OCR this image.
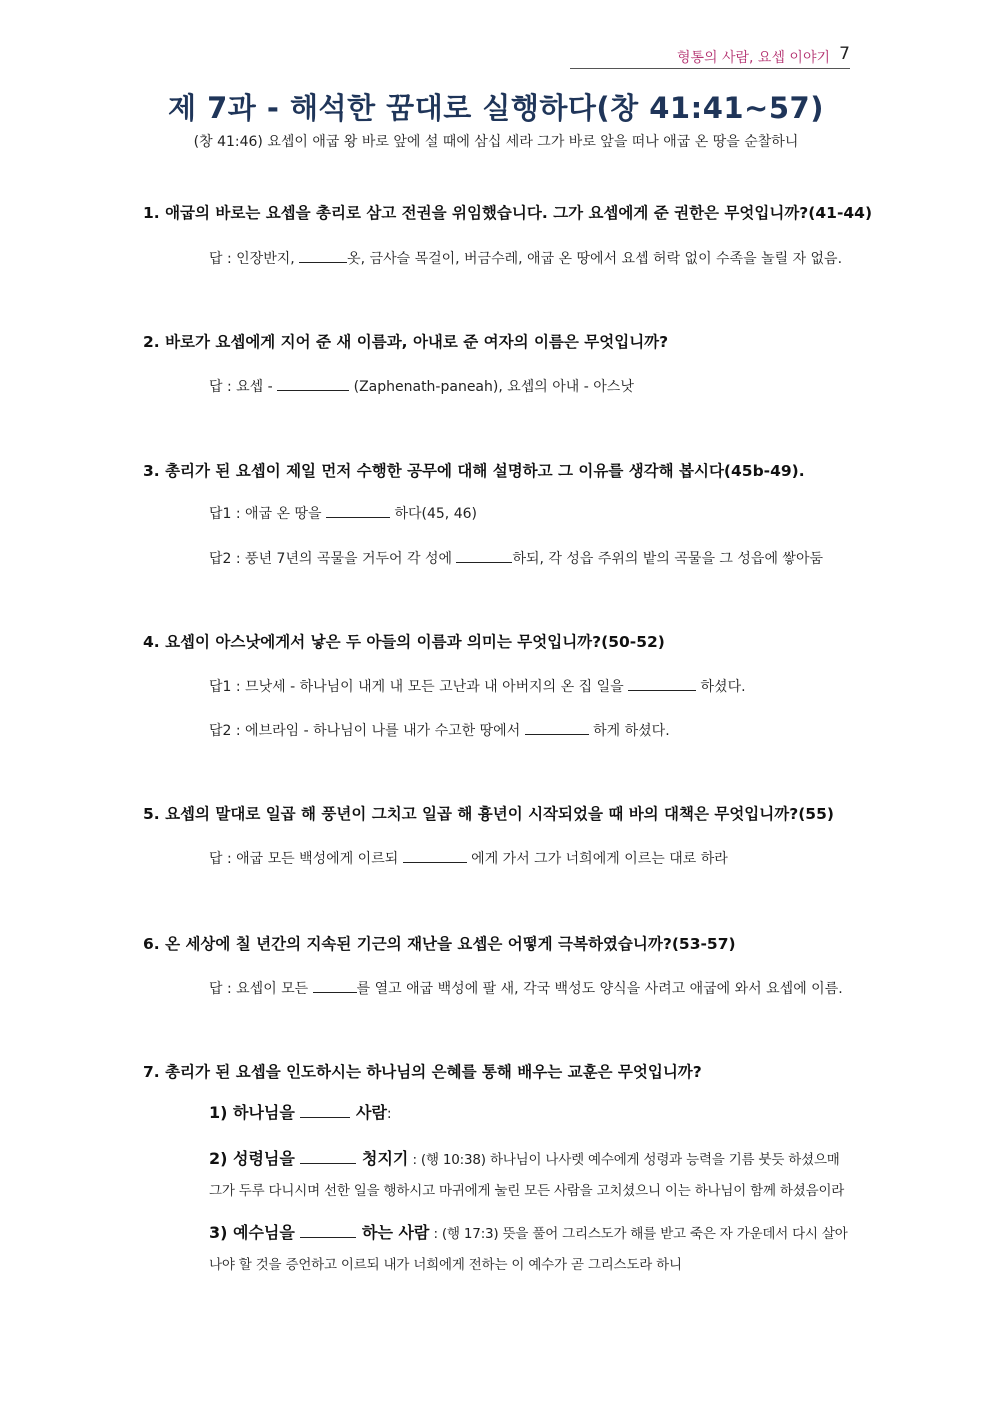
형통의 사람, 요셉 이야기 7
제 7과 - 해석한 꿈대로 실행하다(창 41:41~57)
(창 41:46) 요셉이 애굽 왕 바로 앞에 설 때에 삼십 세라 그가 바로 앞을 떠나 애굽 온 땅을 순찰하니
1. 애굽의 바로는 요셉을 총리로 삼고 전권을 위임했습니다. 그가 요셉에게 준 권한은 무엇입니까?(41-44)
답 : 인장반지,	옷, 금사슬 목걸이, 버금수레, 애굽 온 땅에서 요셉 허락 없이 수족을 놀릴 자 없음.
2. 바로가 요셉에게 지어 준 새 이름과, 아내로 준 여자의 이름은 무엇입니까?
답 : 요셉 -	(Zaphenath-paneah), 요셉의 아내 - 아스낫
3. 총리가 된 요셉이 제일 먼저 수행한 공무에 대해 설명하고 그 이유를 생각해 봅시다(45b-49).
답1 : 애굽 온 땅을	하다(45, 46)
답2 : 풍년 7년의 곡물을 거두어 각 성에	하되, 각 성읍 주위의 밭의 곡물을 그 성읍에 쌓아둠
4. 요셉이 아스낫에게서 낳은 두 아들의 이름과 의미는 무엇입니까?(50-52)
답1 : 므낫세 - 하나님이 내게 내 모든 고난과 내 아버지의 온 집 일을	하셨다.
답2 : 에브라임 - 하나님이 나를 내가 수고한 땅에서	하게 하셨다.
5. 요셉의 말대로 일곱 해 풍년이 그치고 일곱 해 흉년이 시작되었을 때 바의 대책은 무엇입니까?(55)
답 : 애굽 모든 백성에게 이르되	에게 가서 그가 너희에게 이르는 대로 하라
6. 온 세상에 칠 년간의 지속된 기근의 재난을 요셉은 어떻게 극복하였습니까?(53-57)
답 : 요셉이 모든	를 열고 애굽 백성에 팔 새, 각국 백성도 양식을 사려고 애굽에 와서 요셉에 이름.
7. 총리가 된 요셉을 인도하시는 하나님의 은혜를 통해 배우는 교훈은 무엇입니까?
1) 하나님을	사람:
2) 성령님을	청지기 : (행 10:38) 하나님이 나사렛 예수에게 성령과 능력을 기름 붓듯 하셨으매 그가 두루 다니시며 선한 일을 행하시고 마귀에게 눌린 모든 사람을 고치셨으니 이는 하나님이 함께 하셨음이라
3) 예수님을	하는 사람 : (행 17:3) 뜻을 풀어 그리스도가 해를 받고 죽은 자 가운데서 다시 살아나야 할 것을 증언하고 이르되 내가 너희에게 전하는 이 예수가 곧 그리스도라 하니
